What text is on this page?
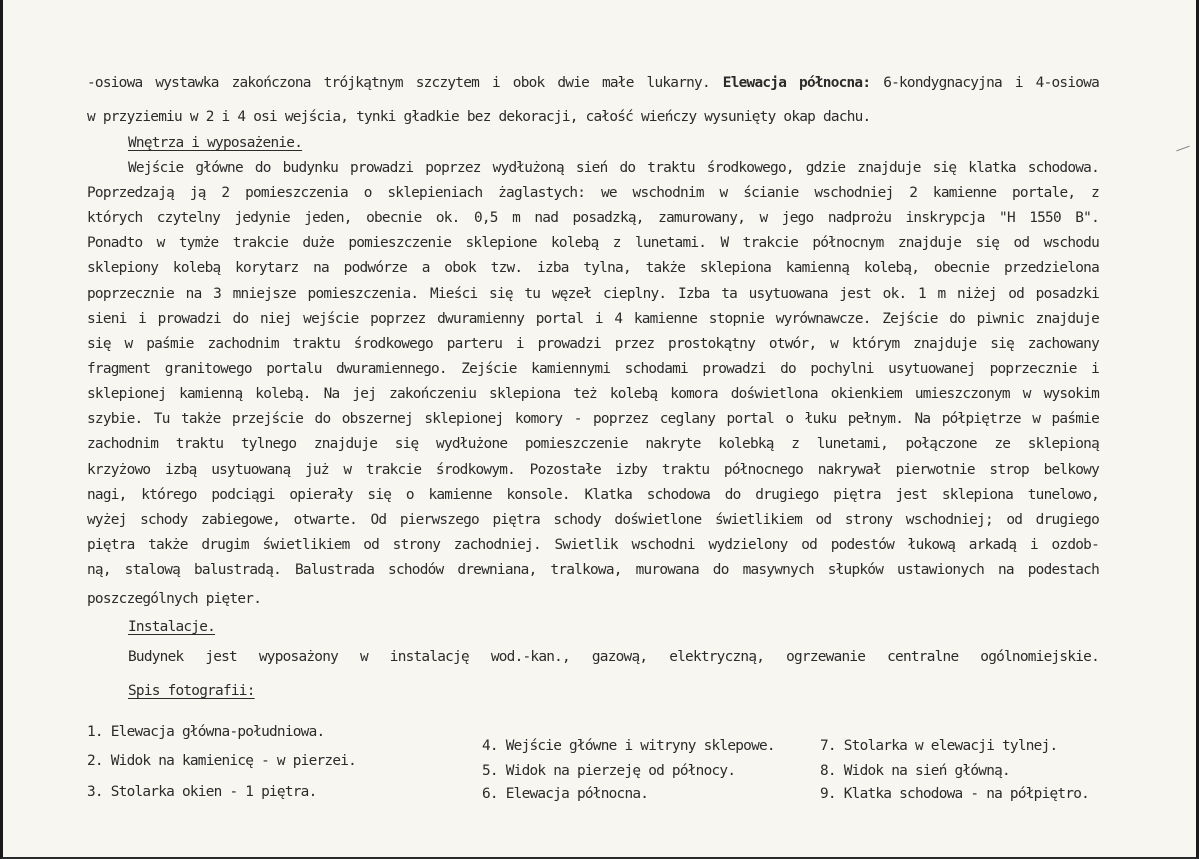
-osiowa wystawka zakończona trójkątnym szczytem i obok dwie małe lukarny. Elewacja północna: 6-kondygnacyjna i 4-osiowa
w przyziemiu w 2 i 4 osi wejścia, tynki gładkie bez dekoracji, całość wieńczy wysunięty okap dachu.
Wnętrza i wyposażenie.
Wejście główne do budynku prowadzi poprzez wydłużoną sień do traktu środkowego, gdzie znajduje się klatka schodowa.
Poprzedzają ją 2 pomieszczenia o sklepieniach żaglastych: we wschodnim w ścianie wschodniej 2 kamienne portale, z
których czytelny jedynie jeden, obecnie ok. 0,5 m nad posadzką, zamurowany, w jego nadprożu inskrypcja "H 1550 B".
Ponadto w tymże trakcie duże pomieszczenie sklepione kolebą z lunetami. W trakcie północnym znajduje się od wschodu
sklepiony kolebą korytarz na podwórze a obok tzw. izba tylna, także sklepiona kamienną kolebą, obecnie przedzielona
poprzecznie na 3 mniejsze pomieszczenia. Mieści się tu węzeł cieplny. Izba ta usytuowana jest ok. 1 m niżej od posadzki
sieni i prowadzi do niej wejście poprzez dwuramienny portal i 4 kamienne stopnie wyrównawcze. Zejście do piwnic znajduje
się w paśmie zachodnim traktu środkowego parteru i prowadzi przez prostokątny otwór, w którym znajduje się zachowany
fragment granitowego portalu dwuramiennego. Zejście kamiennymi schodami prowadzi do pochylni usytuowanej poprzecznie i
sklepionej kamienną kolebą. Na jej zakończeniu sklepiona też kolebą komora doświetlona okienkiem umieszczonym w wysokim
szybie. Tu także przejście do obszernej sklepionej komory - poprzez ceglany portal o łuku pełnym. Na półpiętrze w paśmie
zachodnim traktu tylnego znajduje się wydłużone pomieszczenie nakryte kolebką z lunetami, połączone ze sklepioną
krzyżowo izbą usytuowaną już w trakcie środkowym. Pozostałe izby traktu północnego nakrywał pierwotnie strop belkowy
nagi, którego podciągi opierały się o kamienne konsole. Klatka schodowa do drugiego piętra jest sklepiona tunelowo,
wyżej schody zabiegowe, otwarte. Od pierwszego piętra schody doświetlone świetlikiem od strony wschodniej; od drugiego
piętra także drugim świetlikiem od strony zachodniej. Swietlik wschodni wydzielony od podestów łukową arkadą i ozdob-
ną, stalową balustradą. Balustrada schodów drewniana, tralkowa, murowana do masywnych słupków ustawionych na podestach
poszczególnych pięter.
Instalacje.
Budynek jest wyposażony w instalację wod.-kan., gazową, elektryczną, ogrzewanie centralne ogólnomiejskie.
Spis fotografii:
1. Elewacja główna-południowa.
2. Widok na kamienicę - w pierzei.
3. Stolarka okien - 1 piętra.
4. Wejście główne i witryny sklepowe.
5. Widok na pierzeję od północy.
6. Elewacja północna.
7. Stolarka w elewacji tylnej.
8. Widok na sień główną.
9. Klatka schodowa - na półpiętro.
